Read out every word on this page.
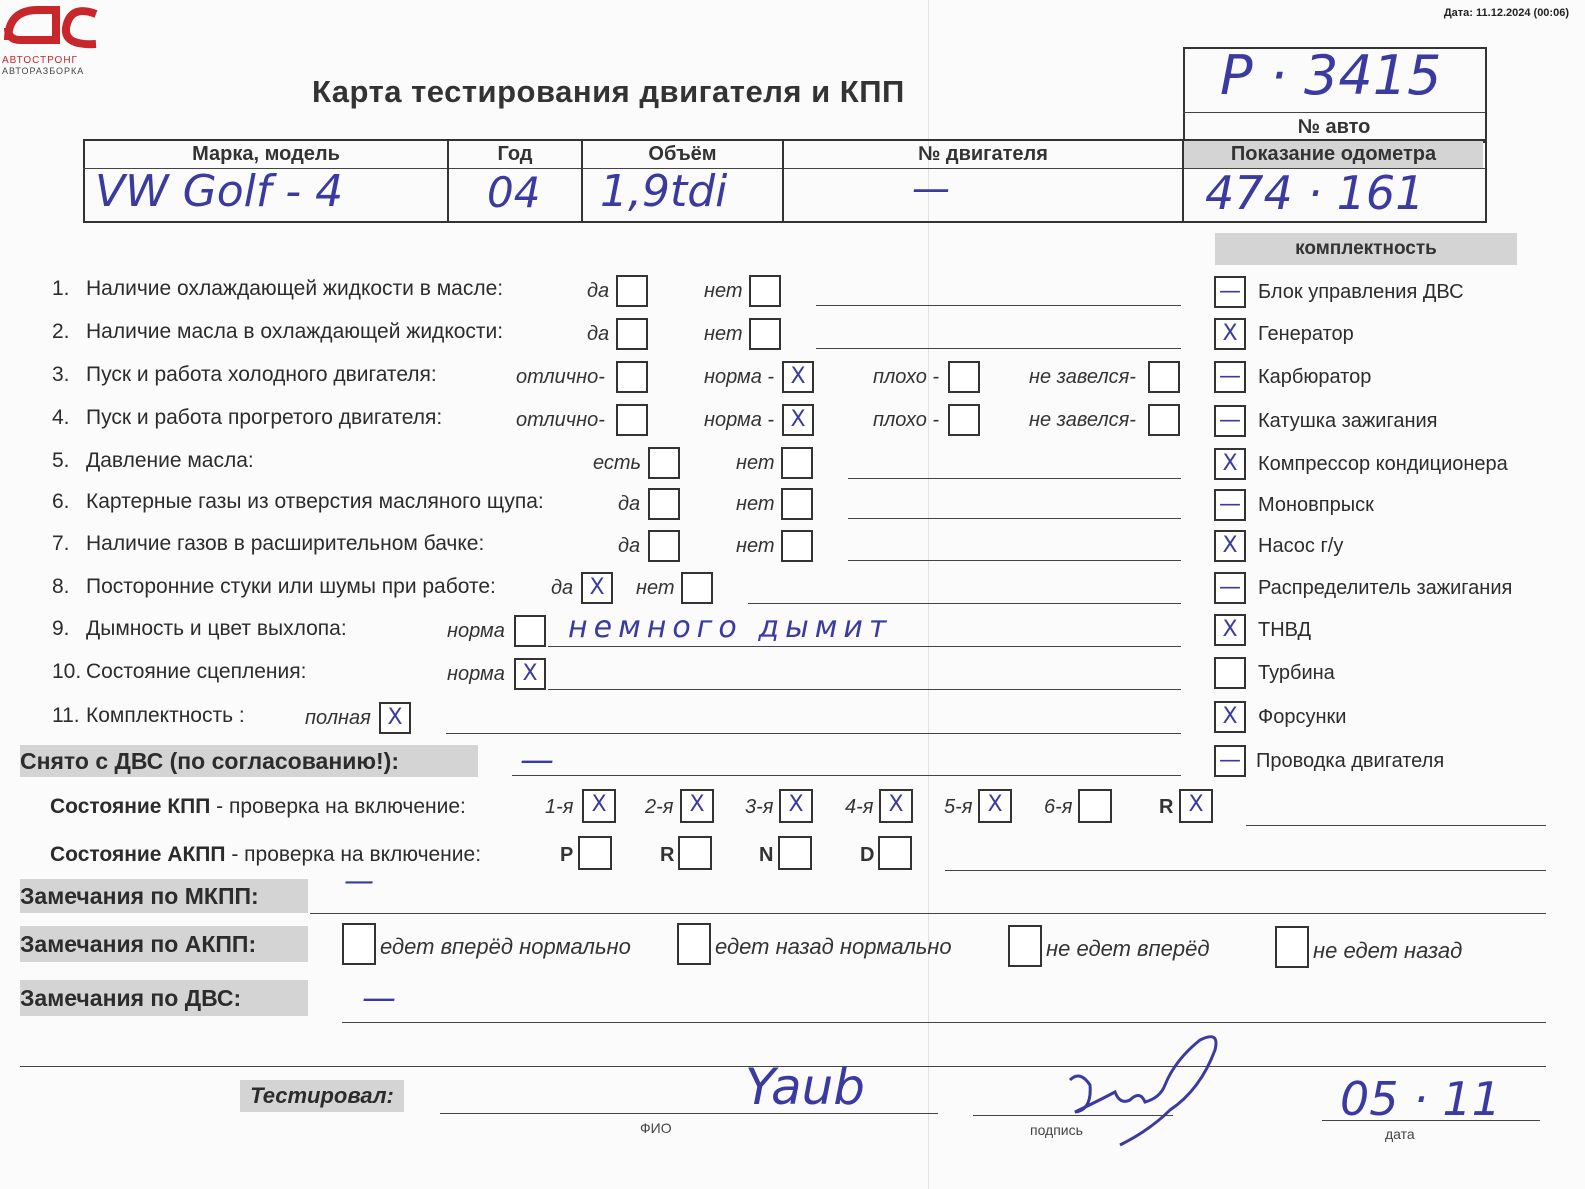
АВТОСТРОНГ
АВТОРАЗБОРКА
Дата: 11.12.2024 (00:06)
Карта тестирования двигателя и КПП	Р · 3415
№ авто
Марка, модель	Год	Объём	№ двигателя	Показание одометра
VW Golf - 4	04 1,9tdi	—	474 · 161
комплектность
1. Наличие охлаждающей жидкости в масле:	да	нет
2. Наличие масла в охлаждающей жидкости:	да	нет
3. Пуск и работа холодного двигателя:	отлично-	норма - X	плохо -	не завелся-
4. Пуск и работа прогретого двигателя:	отлично-	норма - X	плохо -	не завелся-
5. Давление масла:	есть	нет
6. Картерные газы из отверстия масляного щупа:	да	нет
7. Наличие газов в расширительном бачке:	да	нет
8. Посторонние стуки или шумы при работе:	да X	нет
9. Дымность и цвет выхлопа:	норма немного дымит
10. Состояние сцепления:	норма X
11. Комплектность :	полная X
Снято с ДВС (по согласованию!):	—
— Блок управления ДВС
X	Генератор
— Карбюратор
— Катушка зажигания
X	Компрессор кондиционера
— Моновпрыск
X	Насос г/у
— Распределитель зажигания
X	ТНВД
Турбина
X	Форсунки
— Проводка двигателя
Состояние КПП - проверка на включение:	1-я X	2-я X	3-я X	4-я X	5-я X	6-я	R X
Состояние АКПП - проверка на включение:	P	R	N	D
Замечания по МКПП:	—
Замечания по АКПП:	едет вперёд нормально	едет назад нормально	не едет вперёд	не едет назад
Замечания по ДВС:	—
Тестировал:	Yaub
ФИО	подпись
05 · 11
дата
